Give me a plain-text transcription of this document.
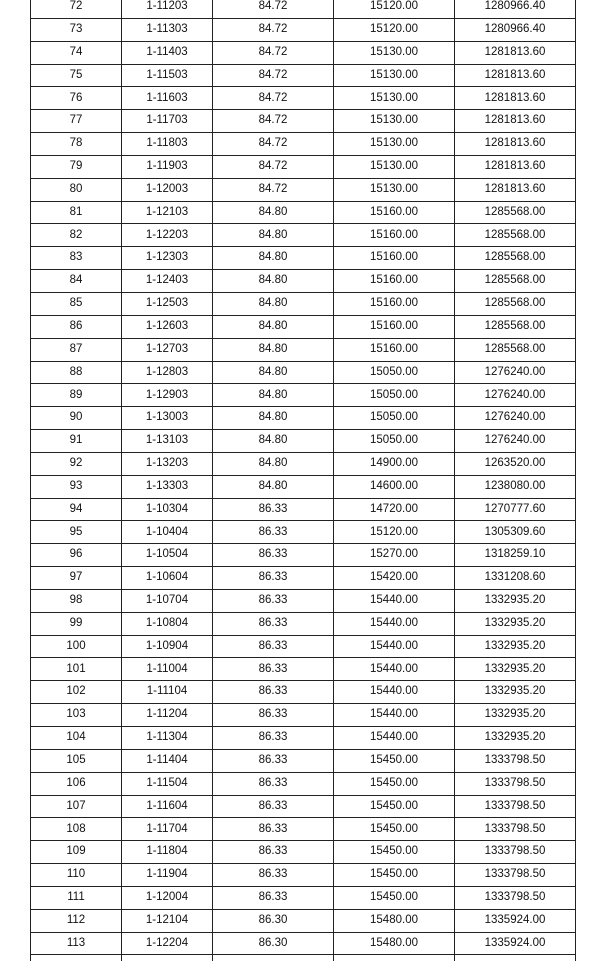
72	1-11203	84.72	15120.00	1280966.40
73	1-11303	84.72	15120.00	1280966.40
74	1-11403	84.72	15130.00	1281813.60
75	1-11503	84.72	15130.00	1281813.60
76	1-11603	84.72	15130.00	1281813.60
77	1-11703	84.72	15130.00	1281813.60
78	1-11803	84.72	15130.00	1281813.60
79	1-11903	84.72	15130.00	1281813.60
80	1-12003	84.72	15130.00	1281813.60
81	1-12103	84.80	15160.00	1285568.00
82	1-12203	84.80	15160.00	1285568.00
83	1-12303	84.80	15160.00	1285568.00
84	1-12403	84.80	15160.00	1285568.00
85	1-12503	84.80	15160.00	1285568.00
86	1-12603	84.80	15160.00	1285568.00
87	1-12703	84.80	15160.00	1285568.00
88	1-12803	84.80	15050.00	1276240.00
89	1-12903	84.80	15050.00	1276240.00
90	1-13003	84.80	15050.00	1276240.00
91	1-13103	84.80	15050.00	1276240.00
92	1-13203	84.80	14900.00	1263520.00
93	1-13303	84.80	14600.00	1238080.00
94	1-10304	86.33	14720.00	1270777.60
95	1-10404	86.33	15120.00	1305309.60
96	1-10504	86.33	15270.00	1318259.10
97	1-10604	86.33	15420.00	1331208.60
98	1-10704	86.33	15440.00	1332935.20
99	1-10804	86.33	15440.00	1332935.20
100	1-10904	86.33	15440.00	1332935.20
101	1-11004	86.33	15440.00	1332935.20
102	1-11104	86.33	15440.00	1332935.20
103	1-11204	86.33	15440.00	1332935.20
104	1-11304	86.33	15440.00	1332935.20
105	1-11404	86.33	15450.00	1333798.50
106	1-11504	86.33	15450.00	1333798.50
107	1-11604	86.33	15450.00	1333798.50
108	1-11704	86.33	15450.00	1333798.50
109	1-11804	86.33	15450.00	1333798.50
110	1-11904	86.33	15450.00	1333798.50
111	1-12004	86.33	15450.00	1333798.50
112	1-12104	86.30	15480.00	1335924.00
113	1-12204	86.30	15480.00	1335924.00
